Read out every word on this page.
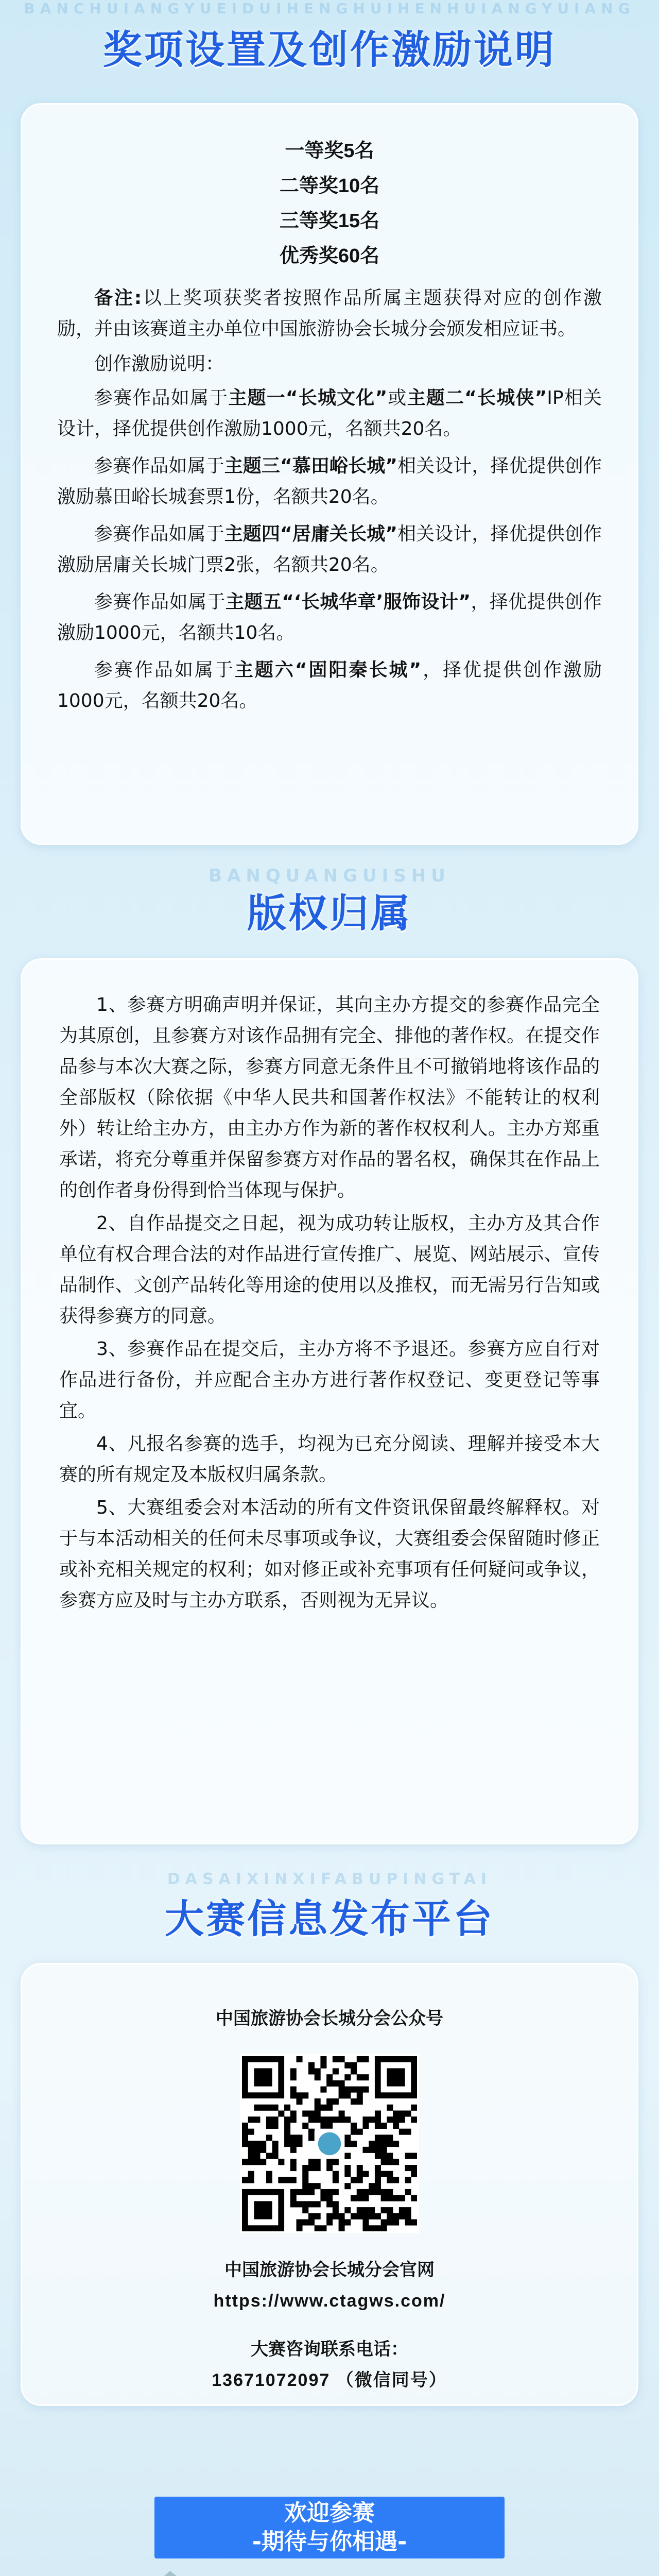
BANCHUIANGYUEIDUIHENGHUIHENHUIANGYUIANG
奖项设置及创作激励说明

一等奖5名

二等奖10名

三等奖15名

优秀奖60名

备注:以上奖项获奖者按照作品所属主题获得对应的创作激励，并由该赛道主办单位中国旅游协会长城分会颁发相应证书。

创作激励说明：

参赛作品如属于主题一“长城文化”或主题二“长城侠”IP相关设计，择优提供创作激励1000元，名额共20名。

参赛作品如属于主题三“慕田峪长城”相关设计，择优提供创作激励慕田峪长城套票1份，名额共20名。

参赛作品如属于主题四“居庸关长城”相关设计，择优提供创作激励居庸关长城门票2张，名额共20名。

参赛作品如属于主题五“‘长城华章’服饰设计”，择优提供创作激励1000元，名额共10名。

参赛作品如属于主题六“固阳秦长城”，择优提供创作激励1000元，名额共20名。

BANQUANGUISHU
版权归属

1、参赛方明确声明并保证，其向主办方提交的参赛作品完全为其原创，且参赛方对该作品拥有完全、排他的著作权。在提交作品参与本次大赛之际，参赛方同意无条件且不可撤销地将该作品的全部版权（除依据《中华人民共和国著作权法》不能转让的权利外）转让给主办方，由主办方作为新的著作权权利人。主办方郑重承诺，将充分尊重并保留参赛方对作品的署名权，确保其在作品上的创作者身份得到恰当体现与保护。

2、自作品提交之日起，视为成功转让版权，主办方及其合作单位有权合理合法的对作品进行宣传推广、展览、网站展示、宣传品制作、文创产品转化等用途的使用以及推权，而无需另行告知或获得参赛方的同意。

3、参赛作品在提交后，主办方将不予退还。参赛方应自行对作品进行备份，并应配合主办方进行著作权登记、变更登记等事宜。

4、凡报名参赛的选手，均视为已充分阅读、理解并接受本大赛的所有规定及本版权归属条款。

5、大赛组委会对本活动的所有文件资讯保留最终解释权。对于与本活动相关的任何未尽事项或争议，大赛组委会保留随时修正或补充相关规定的权利；如对修正或补充事项有任何疑问或争议，参赛方应及时与主办方联系，否则视为无异议。

DASAIXINXIFABUPINGTAI
大赛信息发布平台

中国旅游协会长城分会公众号

中国旅游协会长城分会官网

https://www.ctagws.com/

大赛咨询联系电话：

13671072097 （微信同号）

欢迎参赛
-期待与你相遇-
